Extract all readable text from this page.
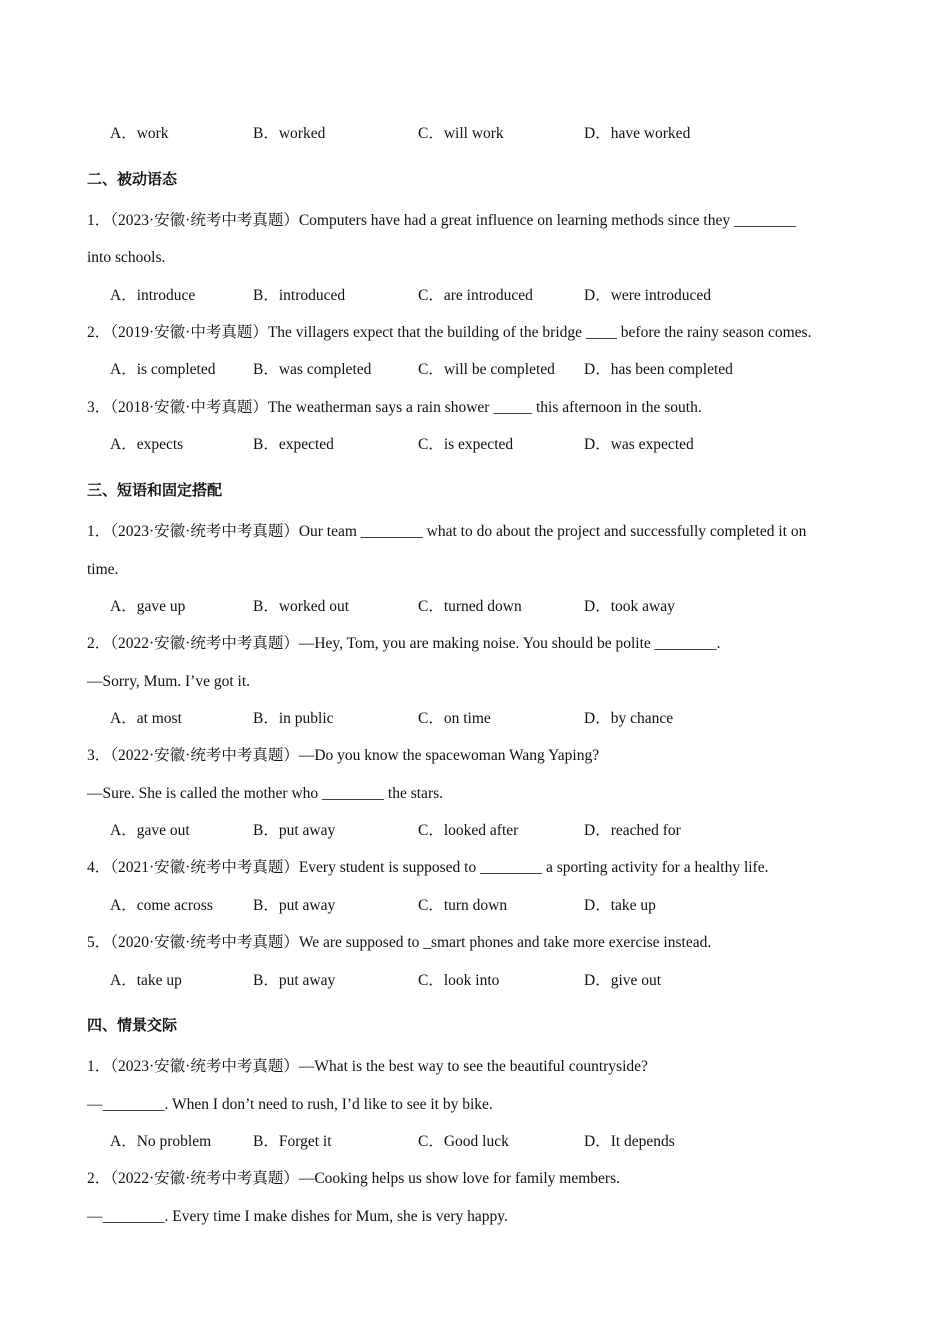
A．work	B．worked	C．will work	D．have worked
二、被动语态
1．（2023·安徽·统考中考真题）Computers have had a great influence on learning methods since they ________
into schools.
A．introduce	B．introduced	C．are introduced	D．were introduced
2．（2019·安徽·中考真题）The villagers expect that the building of the bridge ____ before the rainy season comes.
A．is completed B．was completed	C．will be completed D．has been completed
3．（2018·安徽·中考真题）The weatherman says a rain shower _____ this afternoon in the south.
A．expects	B．expected	C．is expected	D．was expected
三、短语和固定搭配
1．（2023·安徽·统考中考真题）Our team ________ what to do about the project and successfully completed it on
time.
A．gave up	B．worked out	C．turned down	D．took away
2．（2022·安徽·统考中考真题）—Hey, Tom, you are making noise. You should be polite ________.
—Sorry, Mum. I’ve got it.
A．at most	B．in public	C．on time	D．by chance
3．（2022·安徽·统考中考真题）—Do you know the spacewoman Wang Yaping?
—Sure. She is called the mother who ________ the stars.
A．gave out	B．put away	C．looked after	D．reached for
4．（2021·安徽·统考中考真题）Every student is supposed to ________ a sporting activity for a healthy life.
A．come across	B．put away	C．turn down	D．take up
5．（2020·安徽·统考中考真题）We are supposed to _smart phones and take more exercise instead.
A．take up	B．put away	C．look into	D．give out
四、情景交际
1．（2023·安徽·统考中考真题）—What is the best way to see the beautiful countryside?
—________. When I don’t need to rush, I’d like to see it by bike.
A．No problem	B．Forget it	C．Good luck	D．It depends
2．（2022·安徽·统考中考真题）—Cooking helps us show love for family members.
—________. Every time I make dishes for Mum, she is very happy.
